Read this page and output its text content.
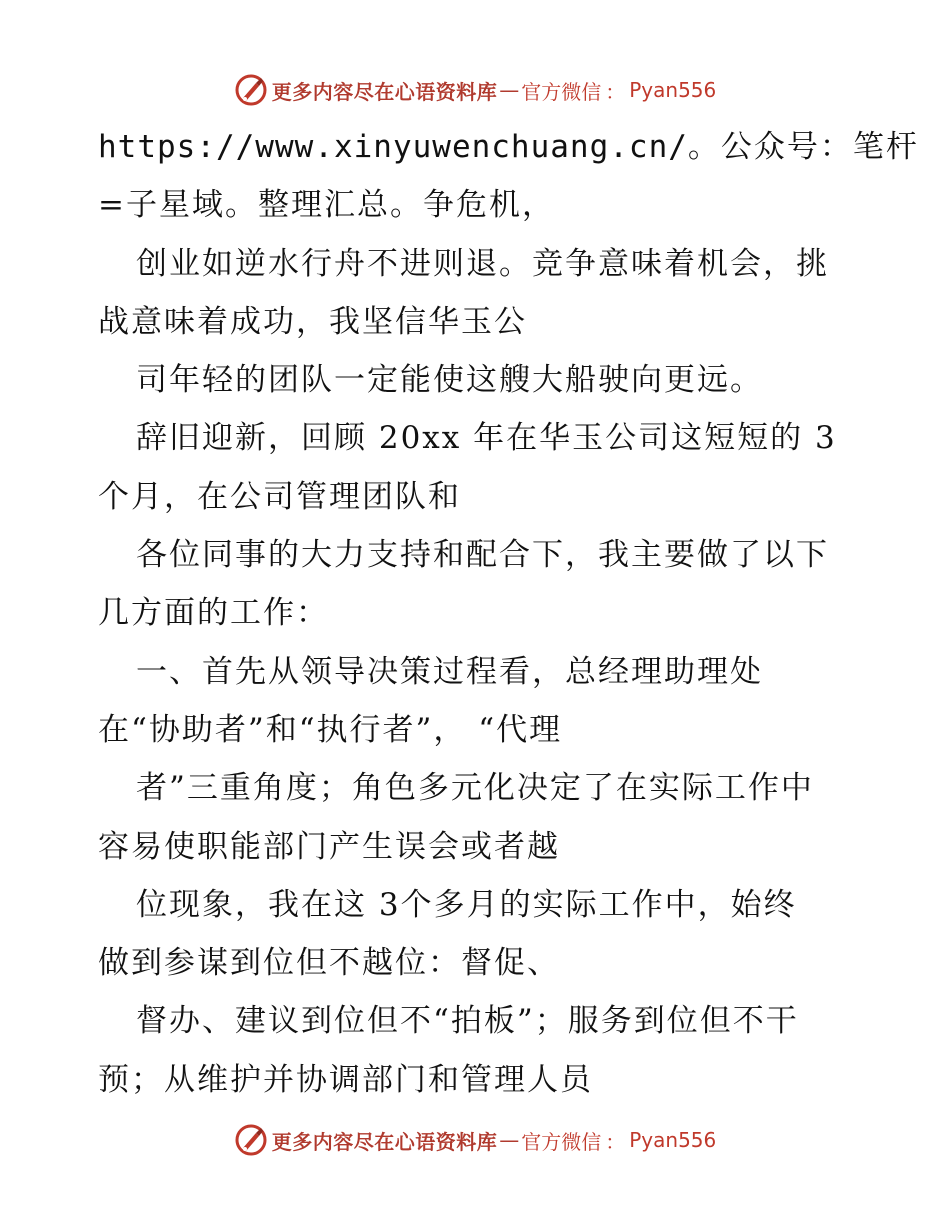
更多内容尽在心语资料库 — 官方微信 ： Pyan556
https://www.xinyuwenchuang.cn/。公众号：笔杆
=子星域。整理汇总。争危机，
创业如逆水行舟不进则退。竞争意味着机会，挑
战意味着成功，我坚信华玉公
司年轻的团队一定能使这艘大船驶向更远。
辞旧迎新，回顾 20xx 年在华玉公司这短短的 3
个月，在公司管理团队和
各位同事的大力支持和配合下，我主要做了以下
几方面的工作：
一、首先从领导决策过程看，总经理助理处
在“协助者”和“执行者”， “代理
者”三重角度；角色多元化决定了在实际工作中
容易使职能部门产生误会或者越
位现象，我在这 3个多月的实际工作中，始终
做到参谋到位但不越位：督促、
督办、建议到位但不“拍板”；服务到位但不干
预；从维护并协调部门和管理人员
更多内容尽在心语资料库 — 官方微信 ： Pyan556
